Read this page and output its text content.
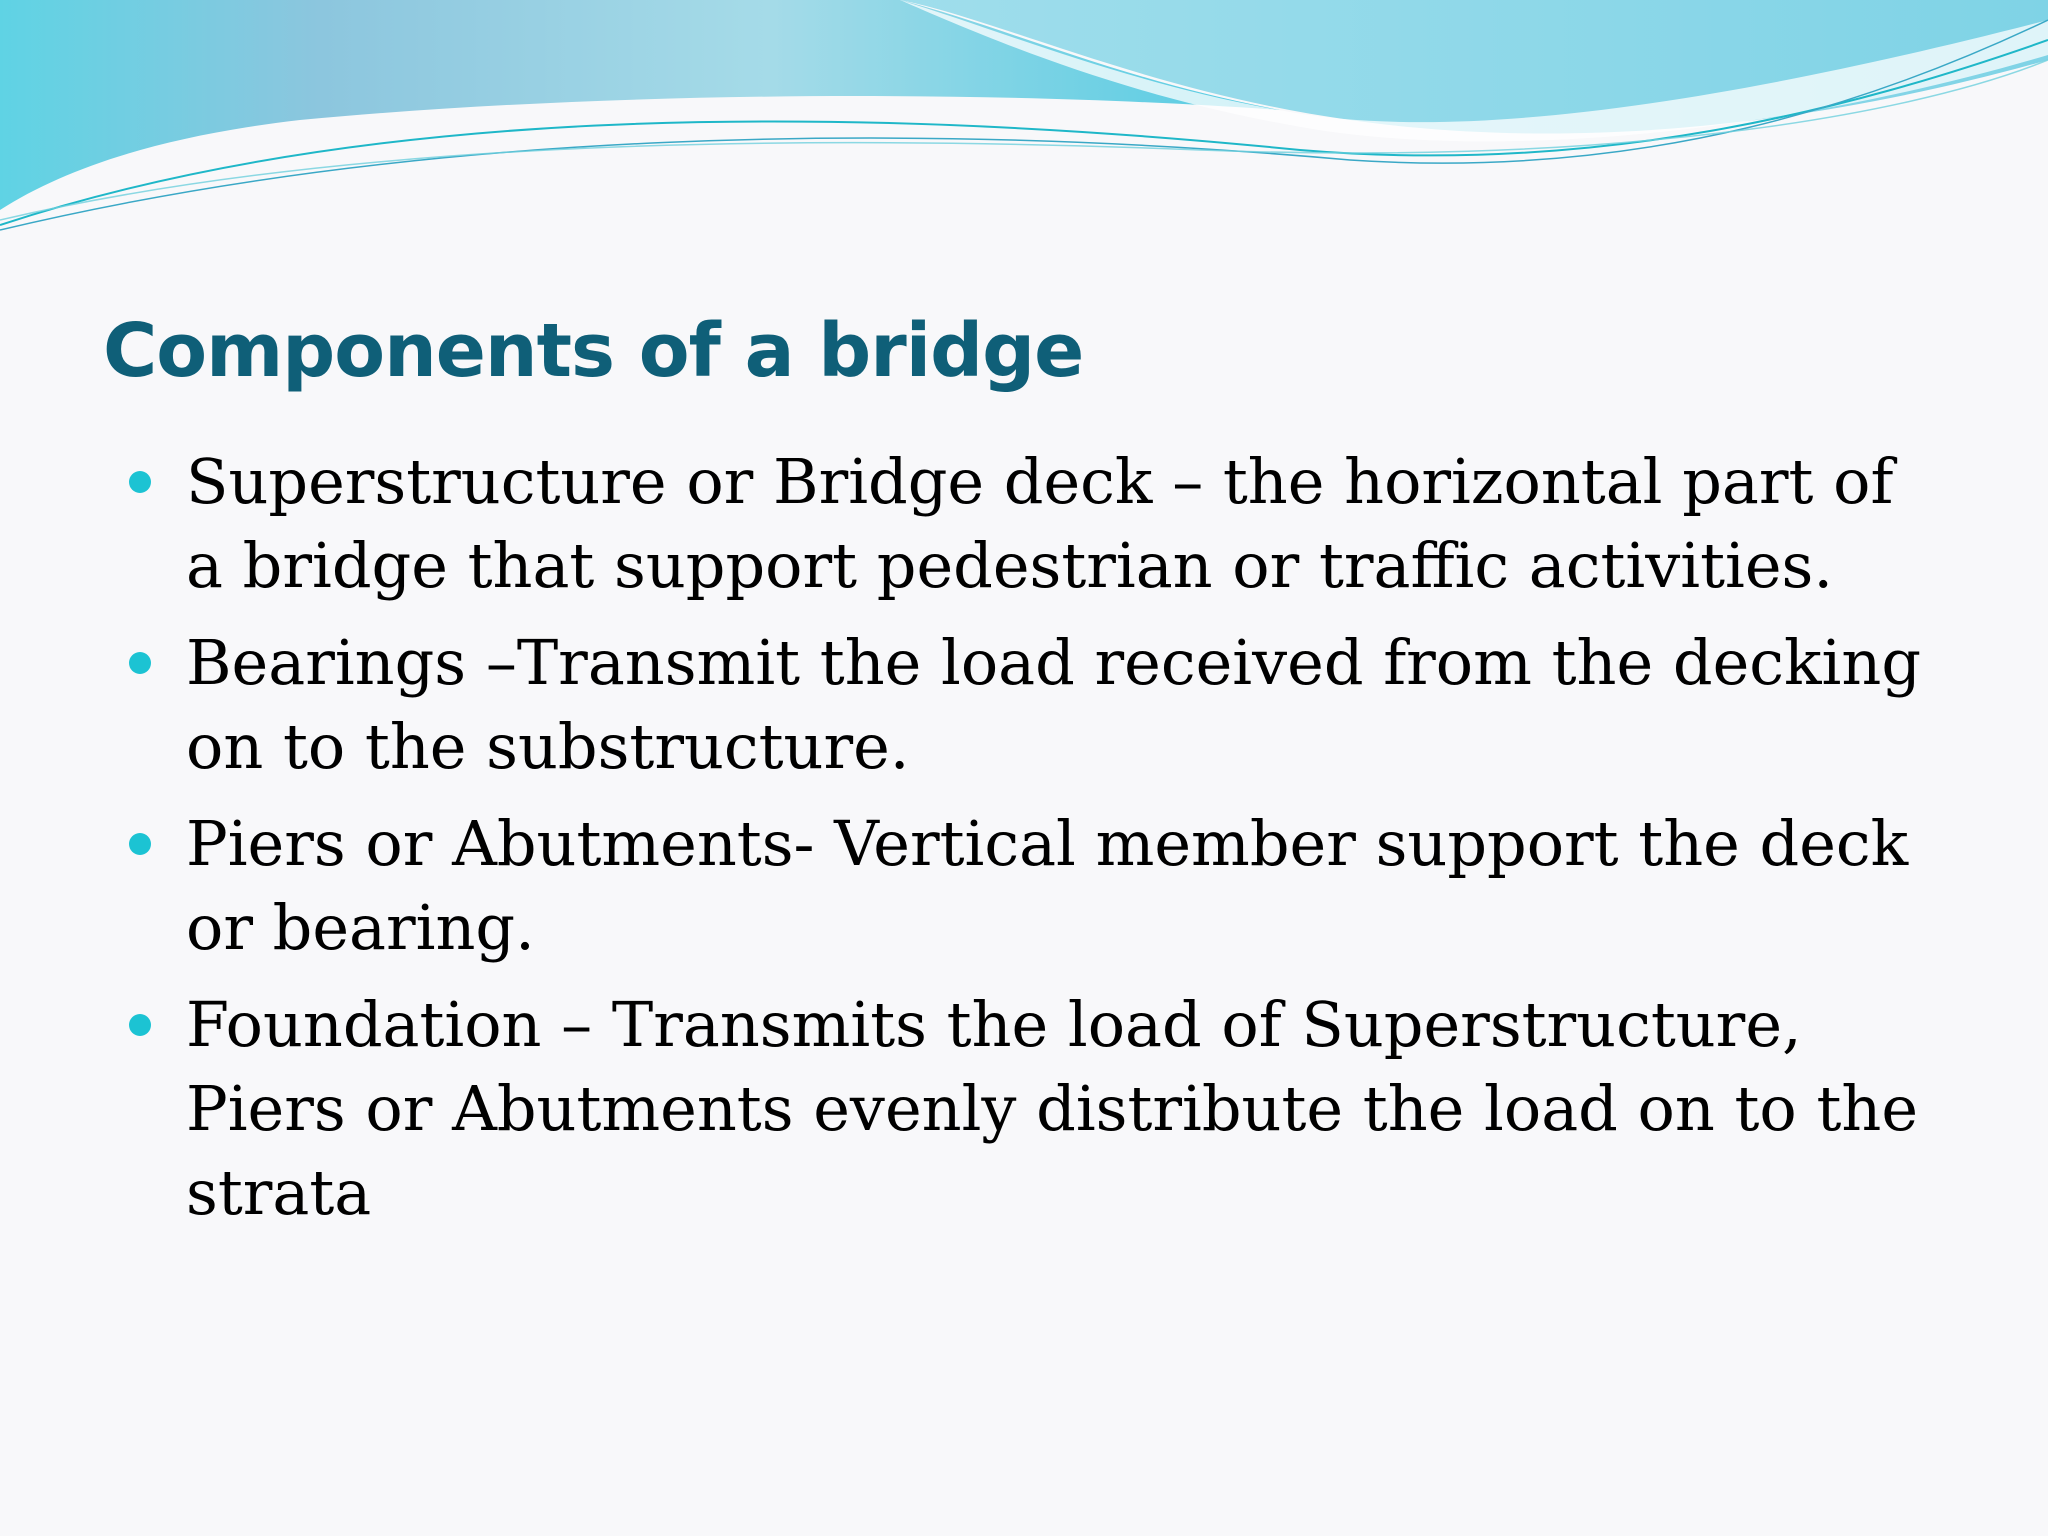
Components of a bridge
Superstructure or Bridge deck – the horizontal part of a bridge that support pedestrian or traffic activities.
Bearings –Transmit the load received from the decking on to the substructure.
Piers or Abutments- Vertical member support the deck or bearing.
Foundation – Transmits the load of Superstructure, Piers or Abutments evenly distribute the load on to the strata
